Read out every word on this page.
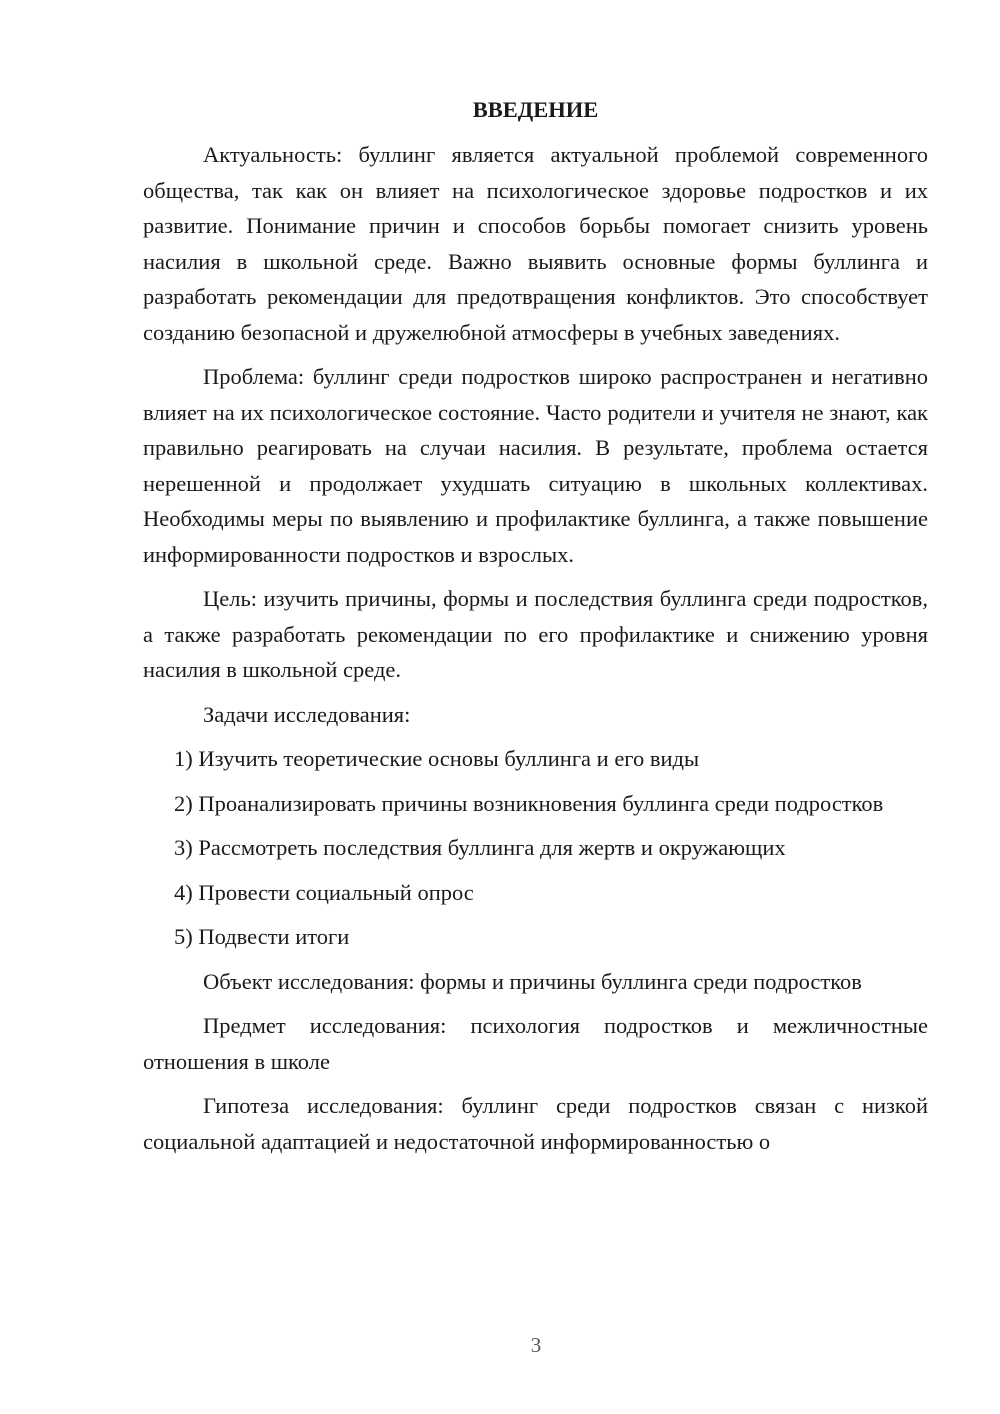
ВВЕДЕНИЕ

Актуальность: буллинг является актуальной проблемой современного общества, так как он влияет на психологическое здоровье подростков и их развитие. Понимание причин и способов борьбы помогает снизить уровень насилия в школьной среде. Важно выявить основные формы буллинга и разработать рекомендации для предотвращения конфликтов. Это способствует созданию безопасной и дружелюбной атмосферы в учебных заведениях.

Проблема: буллинг среди подростков широко распространен и негативно влияет на их психологическое состояние. Часто родители и учителя не знают, как правильно реагировать на случаи насилия. В результате, проблема остается нерешенной и продолжает ухудшать ситуацию в школьных коллективах. Необходимы меры по выявлению и профилактике буллинга, а также повышение информированности подростков и взрослых.

Цель: изучить причины, формы и последствия буллинга среди подростков, а также разработать рекомендации по его профилактике и снижению уровня насилия в школьной среде.

Задачи исследования:

1) Изучить теоретические основы буллинга и его виды

2) Проанализировать причины возникновения буллинга среди подростков

3) Рассмотреть последствия буллинга для жертв и окружающих

4) Провести социальный опрос

5) Подвести итоги

Объект исследования: формы и причины буллинга среди подростков

Предмет исследования: психология подростков и межличностные отношения в школе

Гипотеза исследования: буллинг среди подростков связан с низкой социальной адаптацией и недостаточной информированностью о

3
